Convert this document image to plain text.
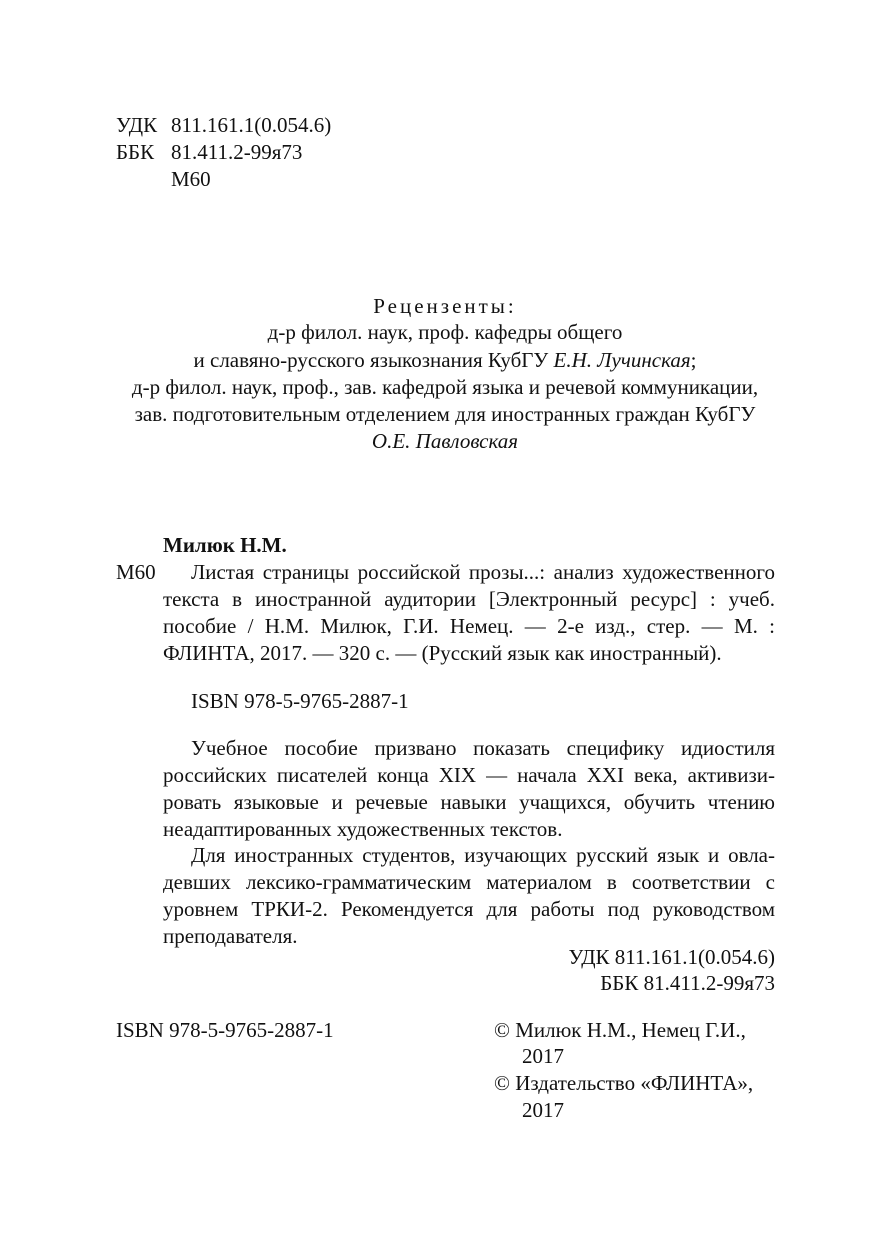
УДК 811.161.1(0.054.6)
ББК 81.411.2-99я73
М60
Рецензенты:
д-р филол. наук, проф. кафедры общего
и славяно-русского языкознания КубГУ Е.Н. Лучинская;
д-р филол. наук, проф., зав. кафедрой языка и речевой коммуникации,
зав. подготовительным отделением для иностранных граждан КубГУ
О.Е. Павловская
Милюк Н.М.
М60 Листая страницы российской прозы...: анализ художественного
текста в иностранной аудитории [Электронный ресурс] : учеб.
пособие / Н.М. Милюк, Г.И. Немец. — 2-е изд., стер. — М. :
ФЛИНТА, 2017. — 320 с. — (Русский язык как иностранный).
ISBN 978-5-9765-2887-1
Учебное пособие призвано показать специфику идиостиля
российских писателей конца XIX — начала XXI века, активизи-
ровать языковые и речевые навыки учащихся, обучить чтению
неадаптированных художественных текстов.
Для иностранных студентов, изучающих русский язык и овла-
девших лексико-грамматическим материалом в соответствии с
уровнем ТРКИ-2. Рекомендуется для работы под руководством
преподавателя.
УДК 811.161.1(0.054.6)
ББК 81.411.2-99я73
ISBN 978-5-9765-2887-1	© Милюк Н.М., Немец Г.И.,
2017
© Издательство «ФЛИНТА»,
2017
